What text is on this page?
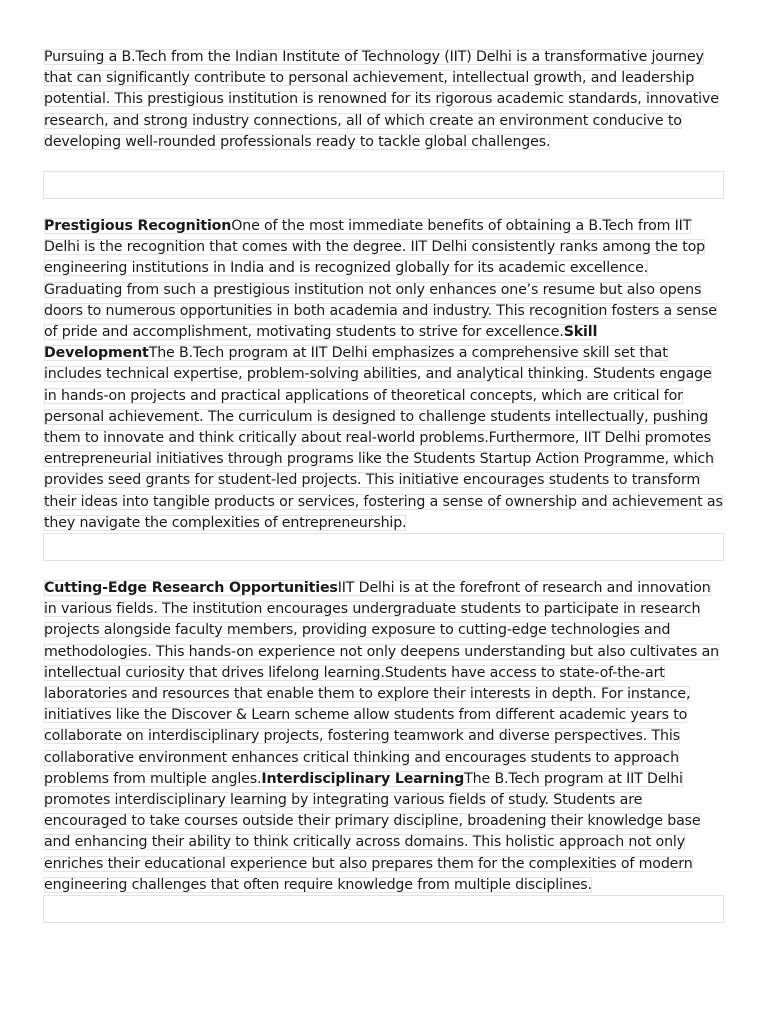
Pursuing a B.Tech from the Indian Institute of Technology (IIT) Delhi is a transformative journey that can significantly contribute to personal achievement, intellectual growth, and leadership potential. This prestigious institution is renowned for its rigorous academic standards, innovative research, and strong industry connections, all of which create an environment conducive to developing well-rounded professionals ready to tackle global challenges.

Prestigious RecognitionOne of the most immediate benefits of obtaining a B.Tech from IIT Delhi is the recognition that comes with the degree. IIT Delhi consistently ranks among the top engineering institutions in India and is recognized globally for its academic excellence. Graduating from such a prestigious institution not only enhances one’s resume but also opens doors to numerous opportunities in both academia and industry. This recognition fosters a sense of pride and accomplishment, motivating students to strive for excellence.Skill DevelopmentThe B.Tech program at IIT Delhi emphasizes a comprehensive skill set that includes technical expertise, problem-solving abilities, and analytical thinking. Students engage in hands-on projects and practical applications of theoretical concepts, which are critical for personal achievement. The curriculum is designed to challenge students intellectually, pushing them to innovate and think critically about real-world problems.Furthermore, IIT Delhi promotes entrepreneurial initiatives through programs like the Students Startup Action Programme, which provides seed grants for student-led projects. This initiative encourages students to transform their ideas into tangible products or services, fostering a sense of ownership and achievement as they navigate the complexities of entrepreneurship.

Cutting-Edge Research OpportunitiesIIT Delhi is at the forefront of research and innovation in various fields. The institution encourages undergraduate students to participate in research projects alongside faculty members, providing exposure to cutting-edge technologies and methodologies. This hands-on experience not only deepens understanding but also cultivates an intellectual curiosity that drives lifelong learning.Students have access to state-of-the-art laboratories and resources that enable them to explore their interests in depth. For instance, initiatives like the Discover & Learn scheme allow students from different academic years to collaborate on interdisciplinary projects, fostering teamwork and diverse perspectives. This collaborative environment enhances critical thinking and encourages students to approach problems from multiple angles.Interdisciplinary LearningThe B.Tech program at IIT Delhi promotes interdisciplinary learning by integrating various fields of study. Students are encouraged to take courses outside their primary discipline, broadening their knowledge base and enhancing their ability to think critically across domains. This holistic approach not only enriches their educational experience but also prepares them for the complexities of modern engineering challenges that often require knowledge from multiple disciplines.
